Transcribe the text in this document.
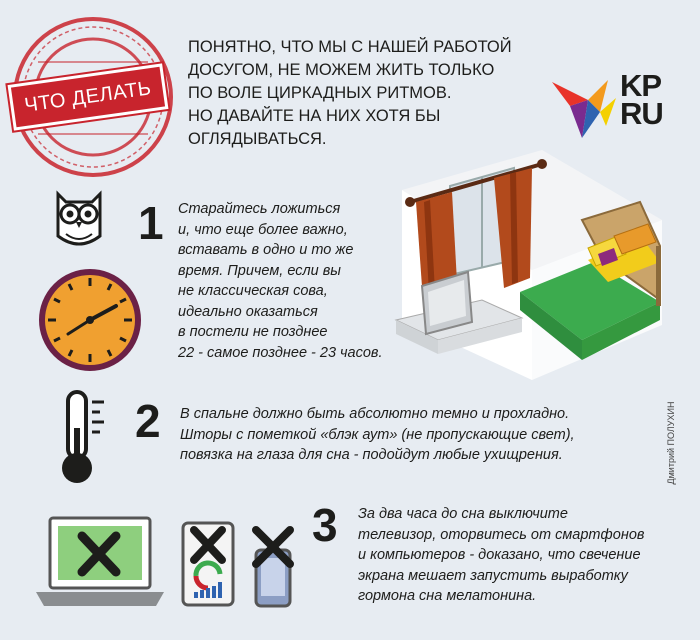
ЧТО ДЕЛАТЬ
ПОНЯТНО, ЧТО МЫ С НАШЕЙ РАБОТОЙ
ДОСУГОМ, НЕ МОЖЕМ ЖИТЬ ТОЛЬКО
ПО ВОЛЕ ЦИРКАДНЫХ РИТМОВ.
НО ДАВАЙТЕ НА НИХ ХОТЯ БЫ
ОГЛЯДЫВАТЬСЯ.
KP
RU
1 Старайтесь ложиться
и, что еще более важно,
вставать в одно и то же
время. Причем, если вы
не классическая сова,
идеально оказаться
в постели не позднее
22 - самое позднее - 23 часов.
2 В спальне должно быть абсолютно темно и прохладно.
Шторы с пометкой «блэк аут» (не пропускающие свет),
повязка на глаза для сна - подойдут любые ухищрения.	Дмитрий ПОЛУХИН
3 За два часа до сна выключите
телевизор, оторвитесь от смартфонов
и компьютеров - доказано, что свечение
экрана мешает запустить выработку
гормона сна мелатонина.
